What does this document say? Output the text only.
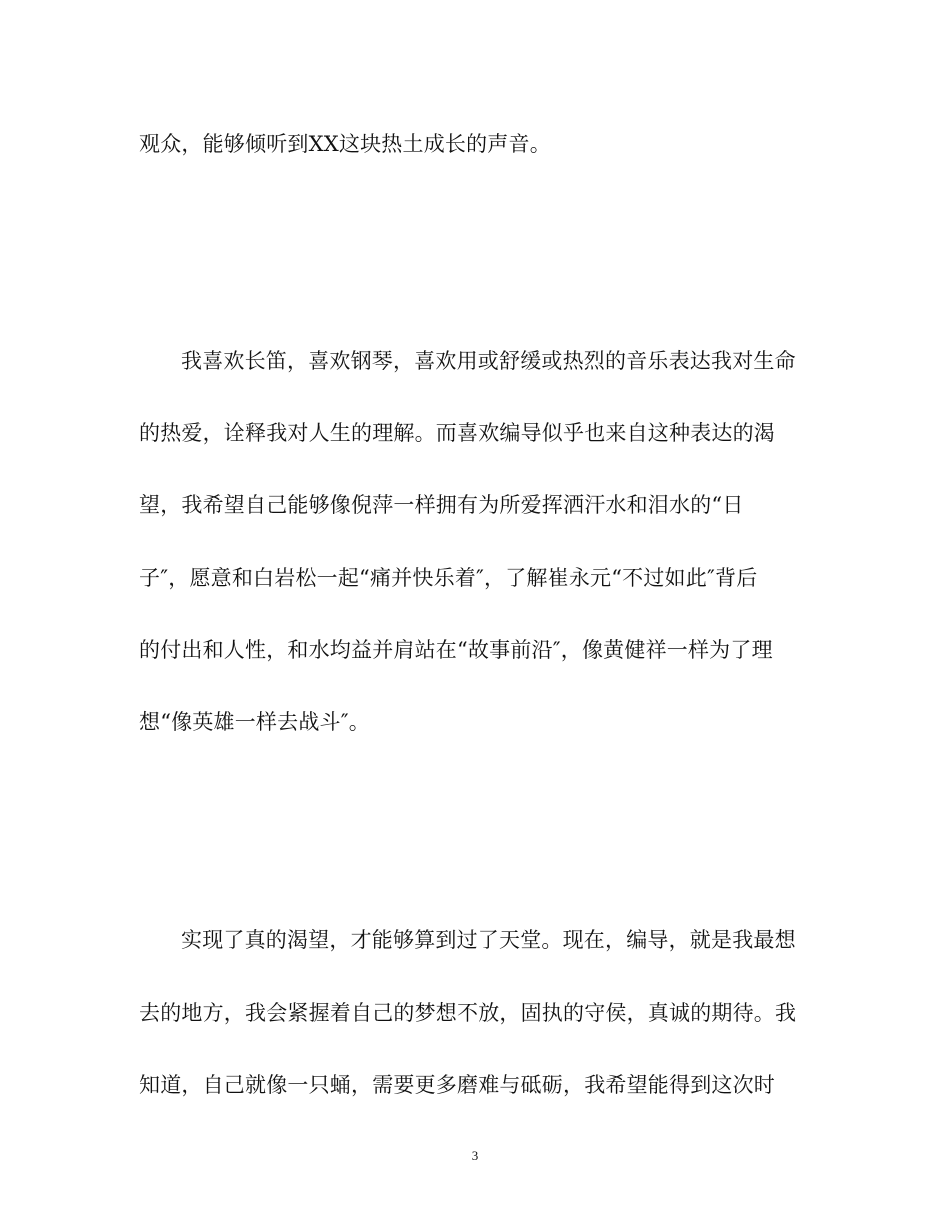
观众，能够倾听到XX这块热土成长的声音。
我喜欢长笛，喜欢钢琴，喜欢用或舒缓或热烈的音乐表达我对生命
的热爱，诠释我对人生的理解。而喜欢编导似乎也来自这种表达的渴
望，我希望自己能够像倪萍一样拥有为所爱挥洒汗水和泪水的“日
子″，愿意和白岩松一起“痛并快乐着″，了解崔永元“不过如此″背后
的付出和人性，和水均益并肩站在“故事前沿″，像黄健祥一样为了理
想“像英雄一样去战斗″。
实现了真的渴望，才能够算到过了天堂。现在，编导，就是我最想
去的地方，我会紧握着自己的梦想不放，固执的守侯，真诚的期待。我
知道，自己就像一只蛹，需要更多磨难与砥砺，我希望能得到这次时
3
